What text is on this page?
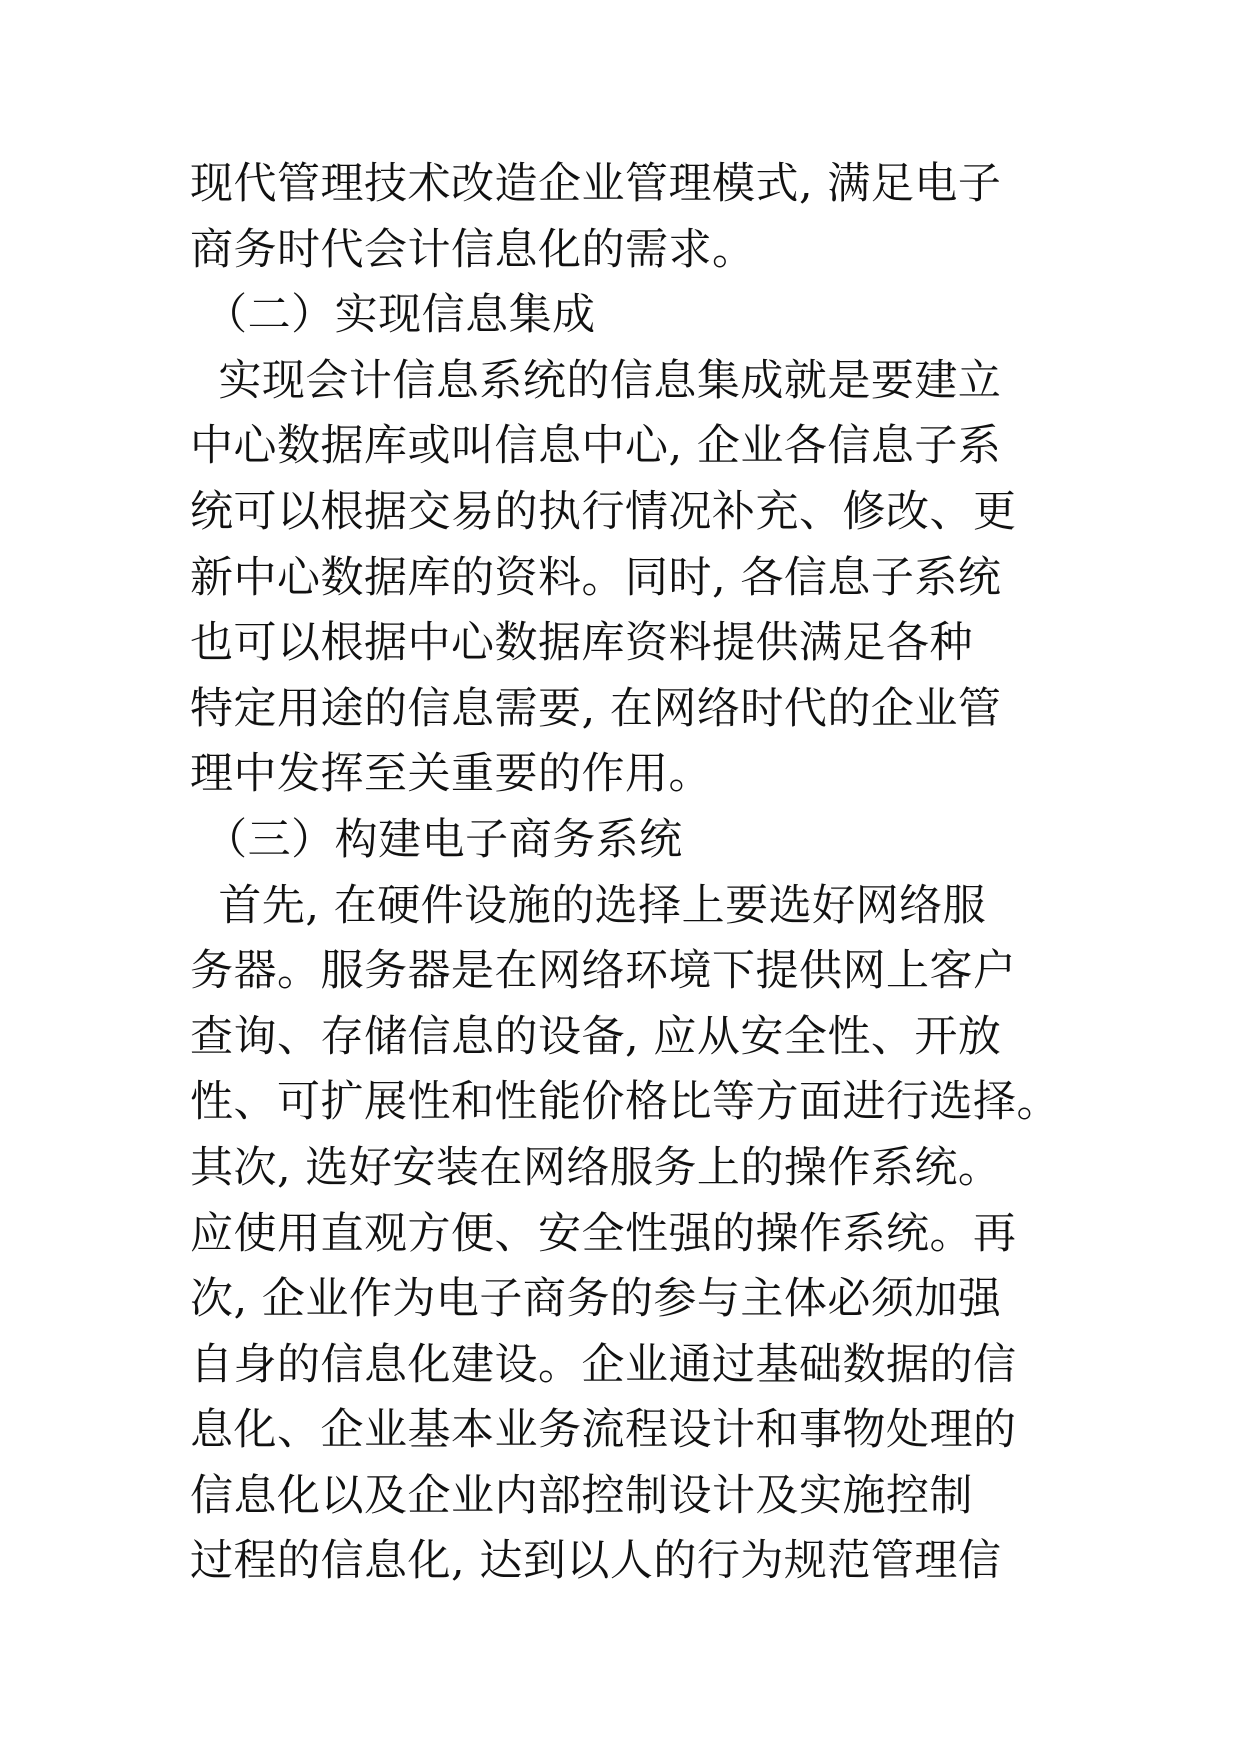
现代管理技术改造企业管理模式, 满足电子
商务时代会计信息化的需求。
（二）实现信息集成
实现会计信息系统的信息集成就是要建立
中心数据库或叫信息中心, 企业各信息子系
统可以根据交易的执行情况补充、修改、更
新中心数据库的资料。同时, 各信息子系统
也可以根据中心数据库资料提供满足各种
特定用途的信息需要, 在网络时代的企业管
理中发挥至关重要的作用。
（三）构建电子商务系统
首先, 在硬件设施的选择上要选好网络服
务器。服务器是在网络环境下提供网上客户
查询、存储信息的设备, 应从安全性、开放
性、可扩展性和性能价格比等方面进行选择。
其次, 选好安装在网络服务上的操作系统。
应使用直观方便、安全性强的操作系统。再
次, 企业作为电子商务的参与主体必须加强
自身的信息化建设。企业通过基础数据的信
息化、企业基本业务流程设计和事物处理的
信息化以及企业内部控制设计及实施控制
过程的信息化, 达到以人的行为规范管理信
